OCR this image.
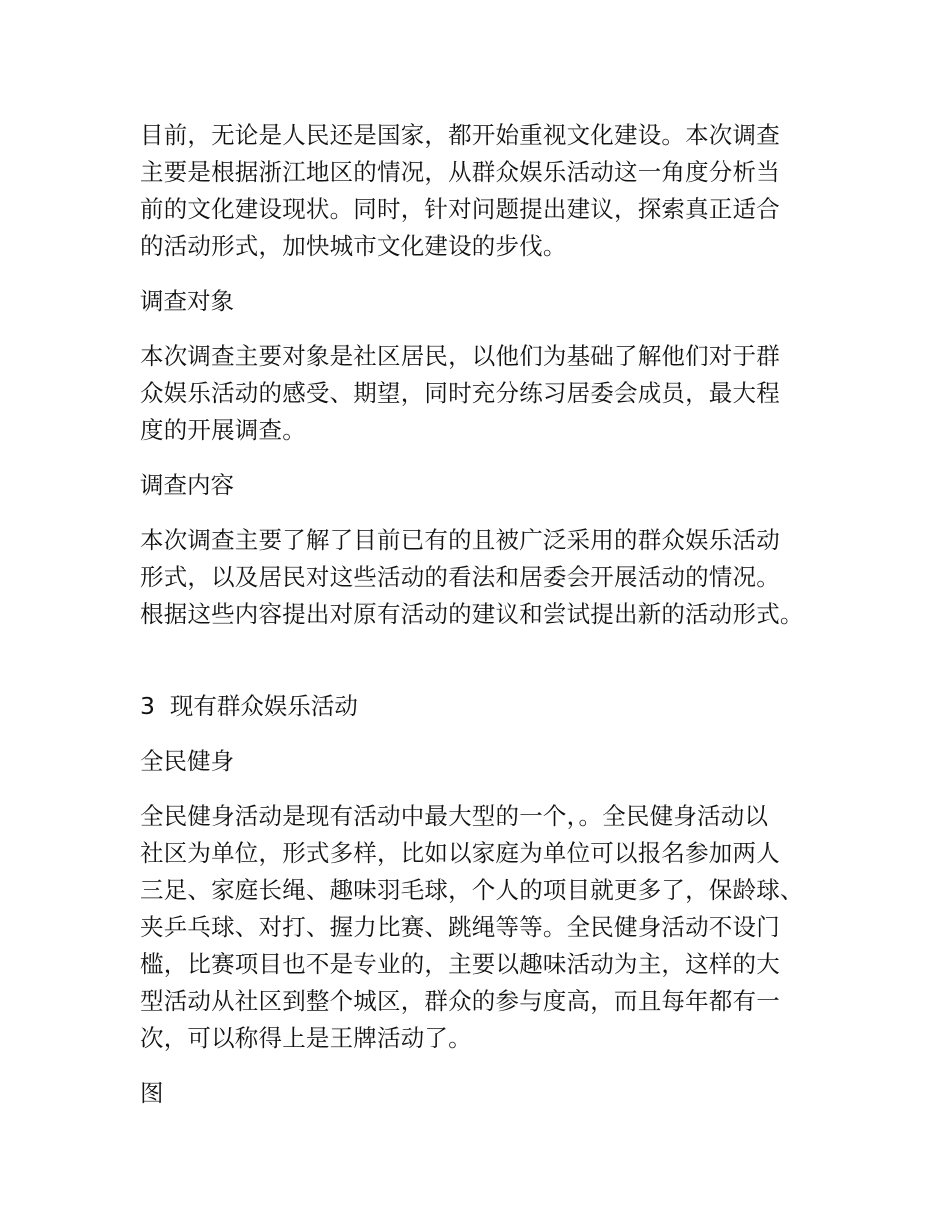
目前，无论是人民还是国家，都开始重视文化建设。本次调查
主要是根据浙江地区的情况，从群众娱乐活动这一角度分析当
前的文化建设现状。同时，针对问题提出建议，探索真正适合
的活动形式，加快城市文化建设的步伐。

调查对象

本次调查主要对象是社区居民，以他们为基础了解他们对于群
众娱乐活动的感受、期望，同时充分练习居委会成员，最大程
度的开展调查。

调查内容

本次调查主要了解了目前已有的且被广泛采用的群众娱乐活动
形式，以及居民对这些活动的看法和居委会开展活动的情况。
根据这些内容提出对原有活动的建议和尝试提出新的活动形式。

3  现有群众娱乐活动

全民健身

全民健身活动是现有活动中最大型的一个，。全民健身活动以
社区为单位，形式多样，比如以家庭为单位可以报名参加两人
三足、家庭长绳、趣味羽毛球，个人的项目就更多了，保龄球、
夹乒乓球、对打、握力比赛、跳绳等等。全民健身活动不设门
槛，比赛项目也不是专业的，主要以趣味活动为主，这样的大
型活动从社区到整个城区，群众的参与度高，而且每年都有一
次，可以称得上是王牌活动了。

图
